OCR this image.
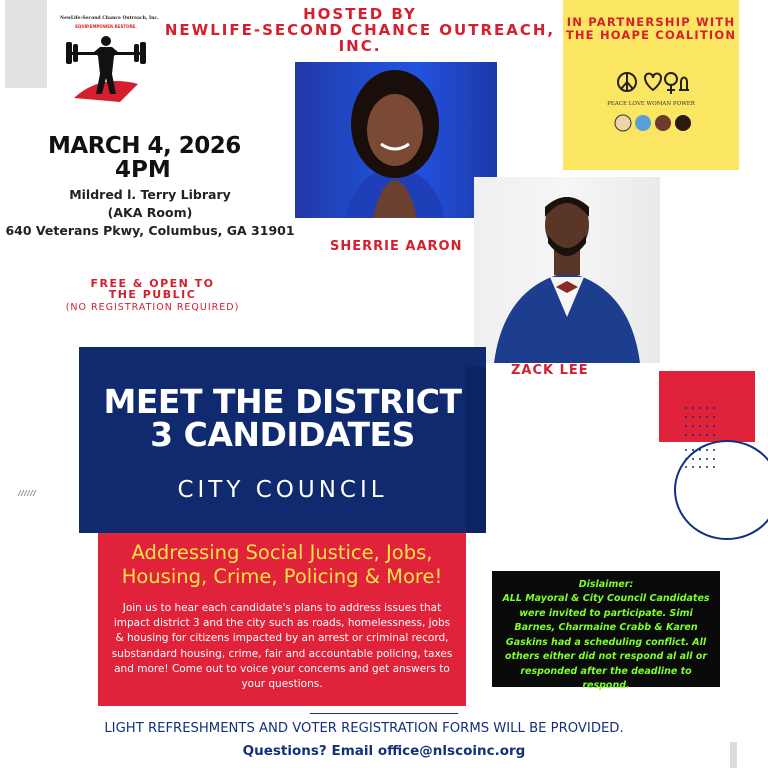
NewLife-Second Chance Outreach, Inc.
EQUIP.EMPOWER.RESTORE.
HOSTED BY
NEWLIFE-SECOND CHANCE OUTREACH, INC.
IN PARTNERSHIP WITH
THE HOAPE COALITION
PEACE LOVE WOMAN POWER
SHERRIE AARON
ZACK LEE
MARCH 4, 2026
4PM
Mildred l. Terry Library
(AKA Room)
640 Veterans Pkwy, Columbus, GA 31901
FREE & OPEN TO
THE PUBLIC
(NO REGISTRATION REQUIRED)
MEET THE DISTRICT
3 CANDIDATES
CITY COUNCIL
Addressing Social Justice, Jobs,
Housing, Crime, Policing & More!
Join us to hear each candidate's plans to address issues that impact district 3 and the city such as roads, homelessness, jobs & housing for citizens impacted by an arrest or criminal record, substandard housing, crime, fair and accountable policing, taxes and more! Come out to voice your concerns and get answers to your questions.
Dislaimer:
ALL Mayoral & City Council Candidates were invited to participate. Simi Barnes, Charmaine Crabb & Karen Gaskins had a scheduling conflict. All others either did not respond al all or responded after the deadline to respond.
LIGHT REFRESHMENTS AND VOTER REGISTRATION FORMS WILL BE PROVIDED.
Questions? Email office@nlscoinc.org
